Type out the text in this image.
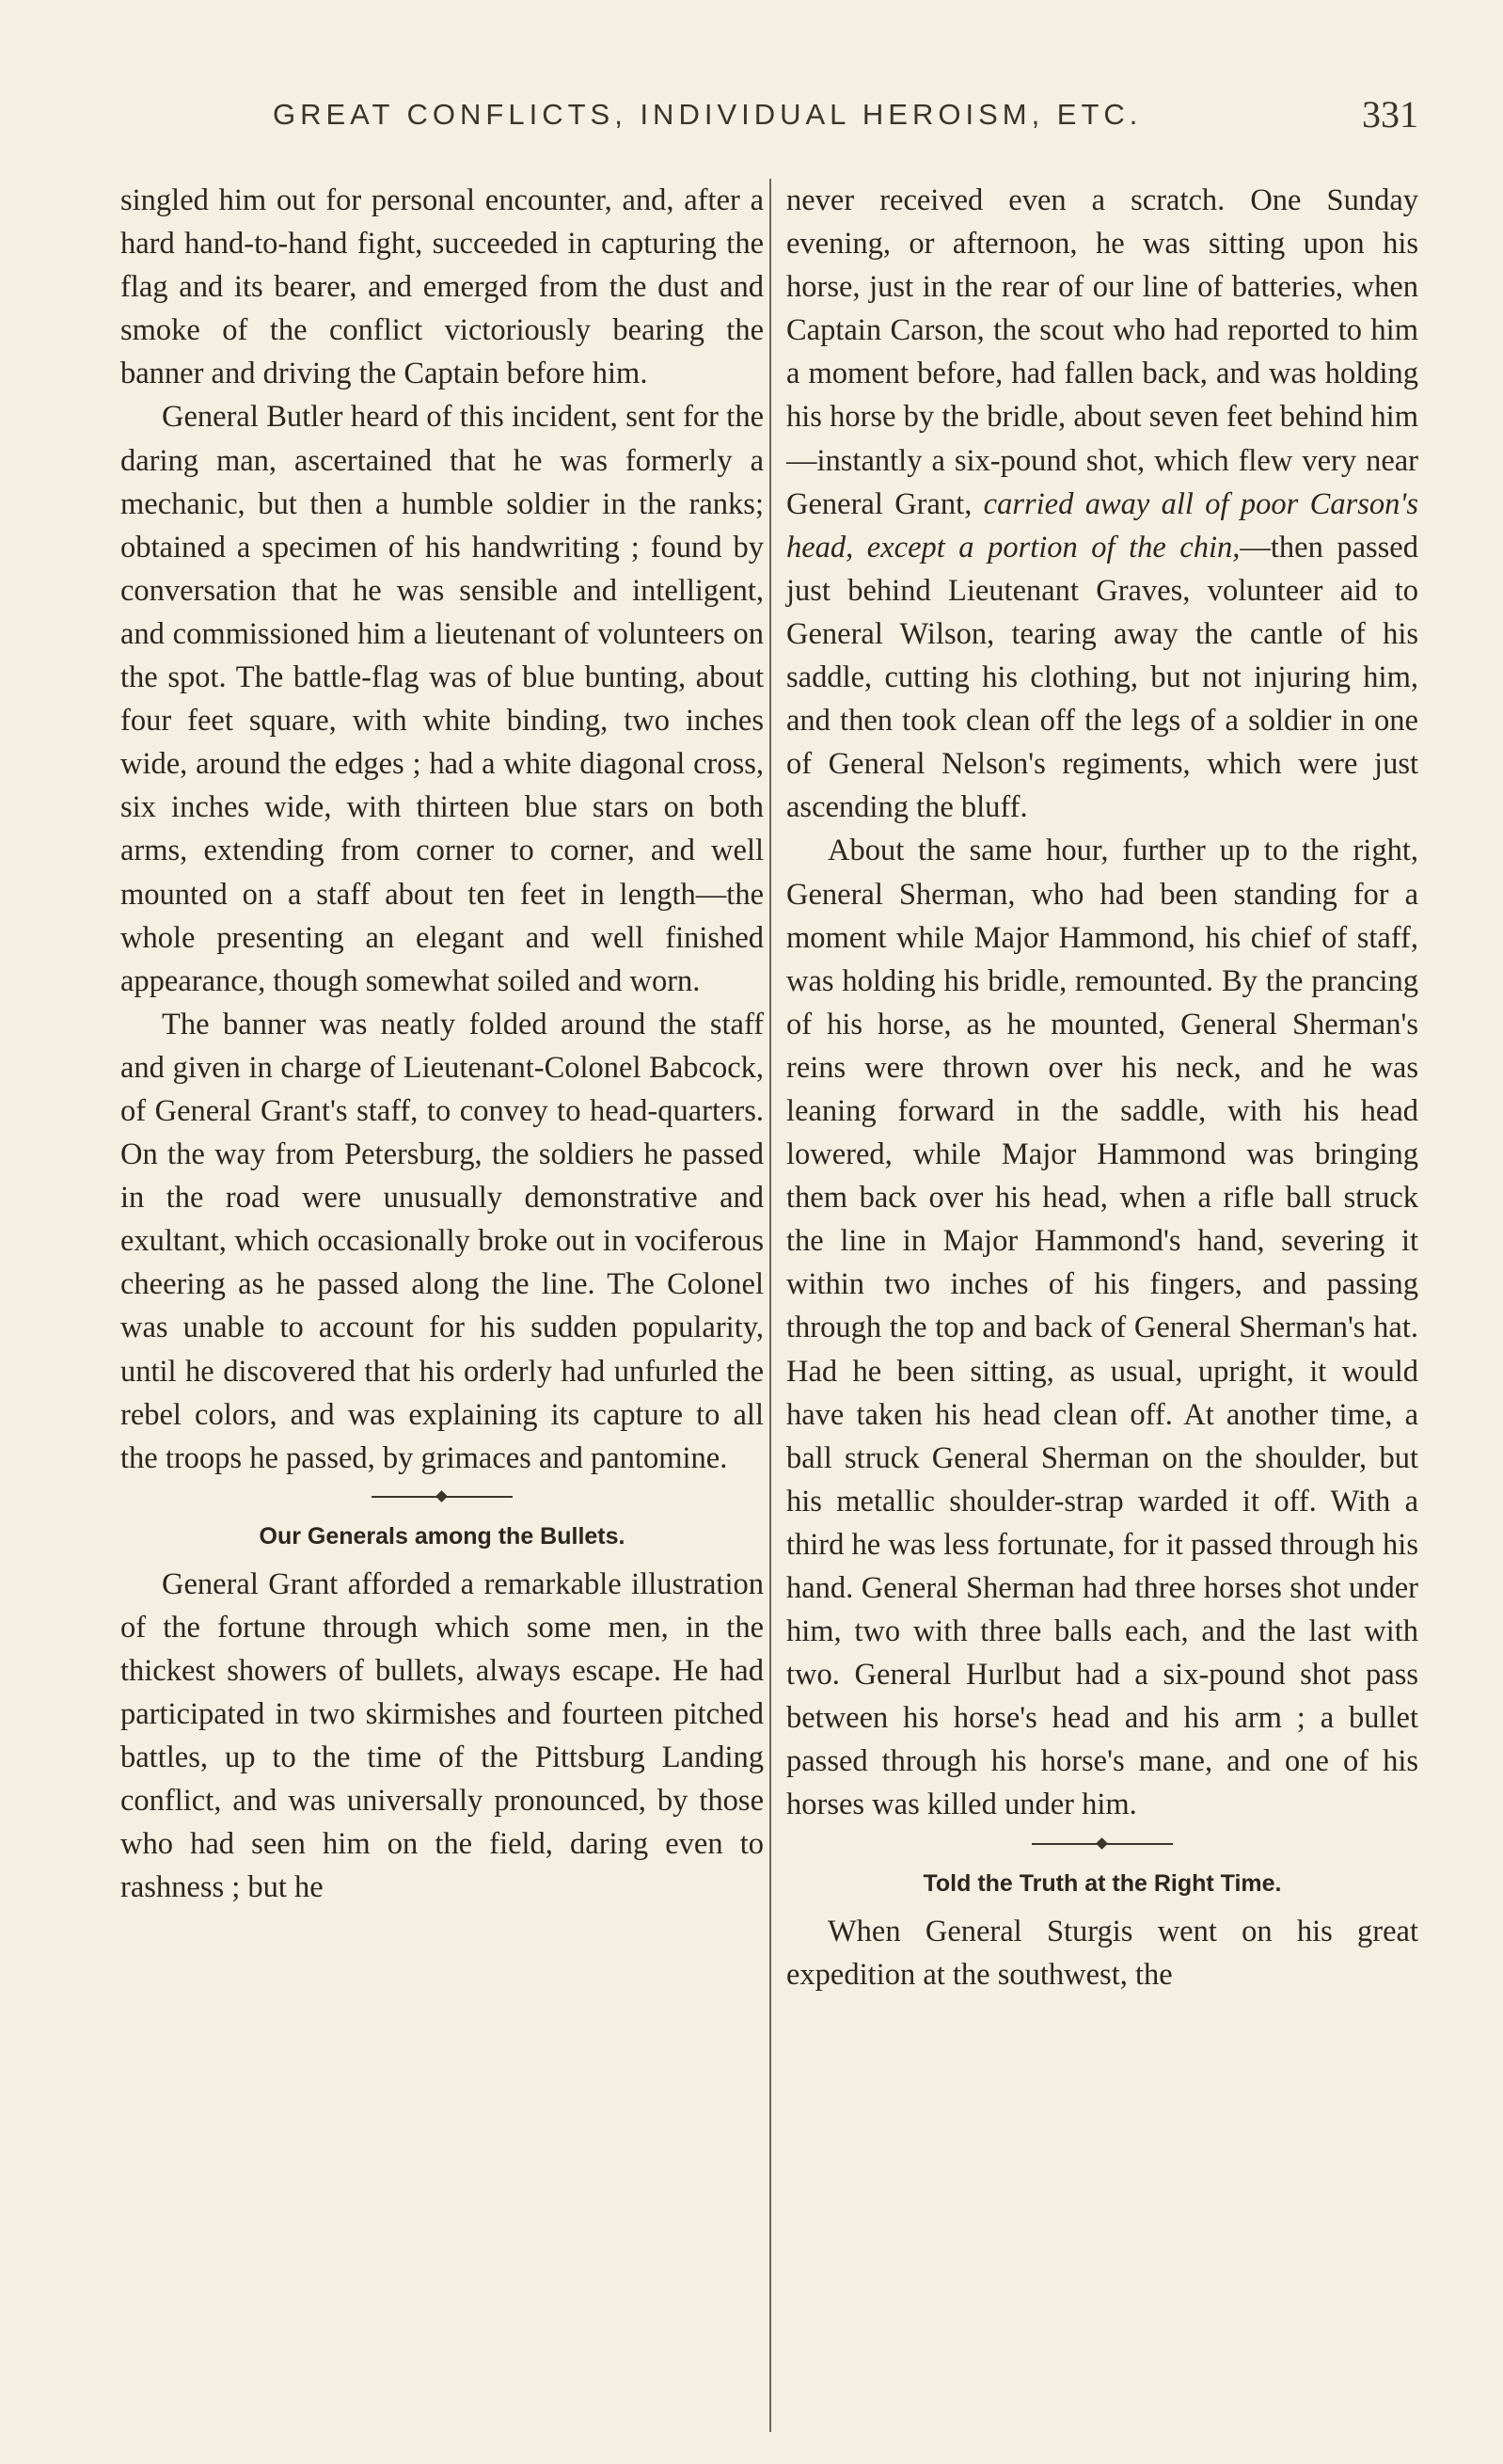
GREAT CONFLICTS, INDIVIDUAL HEROISM, ETC.	331

singled him out for personal encounter, and, after a hard hand-to-hand fight, succeeded in capturing the flag and its bearer, and emerged from the dust and smoke of the conflict victoriously bearing the banner and driving the Captain before him.

General Butler heard of this incident, sent for the daring man, ascertained that he was formerly a mechanic, but then a humble soldier in the ranks; obtained a specimen of his handwriting ; found by conversation that he was sensible and intelligent, and commissioned him a lieutenant of volunteers on the spot. The battle-flag was of blue bunting, about four feet square, with white binding, two inches wide, around the edges ; had a white diagonal cross, six inches wide, with thirteen blue stars on both arms, extending from corner to corner, and well mounted on a staff about ten feet in length—the whole presenting an elegant and well finished appearance, though somewhat soiled and worn.

The banner was neatly folded around the staff and given in charge of Lieutenant-Colonel Babcock, of General Grant's staff, to convey to head-quarters. On the way from Petersburg, the soldiers he passed in the road were unusually demonstrative and exultant, which occasionally broke out in vociferous cheering as he passed along the line. The Colonel was unable to account for his sudden popularity, until he discovered that his orderly had unfurled the rebel colors, and was explaining its capture to all the troops he passed, by grimaces and pantomine.

Our Generals among the Bullets.

General Grant afforded a remarkable illustration of the fortune through which some men, in the thickest showers of bullets, always escape. He had participated in two skirmishes and fourteen pitched battles, up to the time of the Pittsburg Landing conflict, and was universally pronounced, by those who had seen him on the field, daring even to rashness ; but he

never received even a scratch. One Sunday evening, or afternoon, he was sitting upon his horse, just in the rear of our line of batteries, when Captain Carson, the scout who had reported to him a moment before, had fallen back, and was holding his horse by the bridle, about seven feet behind him—instantly a six-pound shot, which flew very near General Grant, carried away all of poor Carson's head, except a portion of the chin,—then passed just behind Lieutenant Graves, volunteer aid to General Wilson, tearing away the cantle of his saddle, cutting his clothing, but not injuring him, and then took clean off the legs of a soldier in one of General Nelson's regiments, which were just ascending the bluff.

About the same hour, further up to the right, General Sherman, who had been standing for a moment while Major Hammond, his chief of staff, was holding his bridle, remounted. By the prancing of his horse, as he mounted, General Sherman's reins were thrown over his neck, and he was leaning forward in the saddle, with his head lowered, while Major Hammond was bringing them back over his head, when a rifle ball struck the line in Major Hammond's hand, severing it within two inches of his fingers, and passing through the top and back of General Sherman's hat. Had he been sitting, as usual, upright, it would have taken his head clean off. At another time, a ball struck General Sherman on the shoulder, but his metallic shoulder-strap warded it off. With a third he was less fortunate, for it passed through his hand. General Sherman had three horses shot under him, two with three balls each, and the last with two. General Hurlbut had a six-pound shot pass between his horse's head and his arm ; a bullet passed through his horse's mane, and one of his horses was killed under him.

Told the Truth at the Right Time.

When General Sturgis went on his great expedition at the southwest, the
